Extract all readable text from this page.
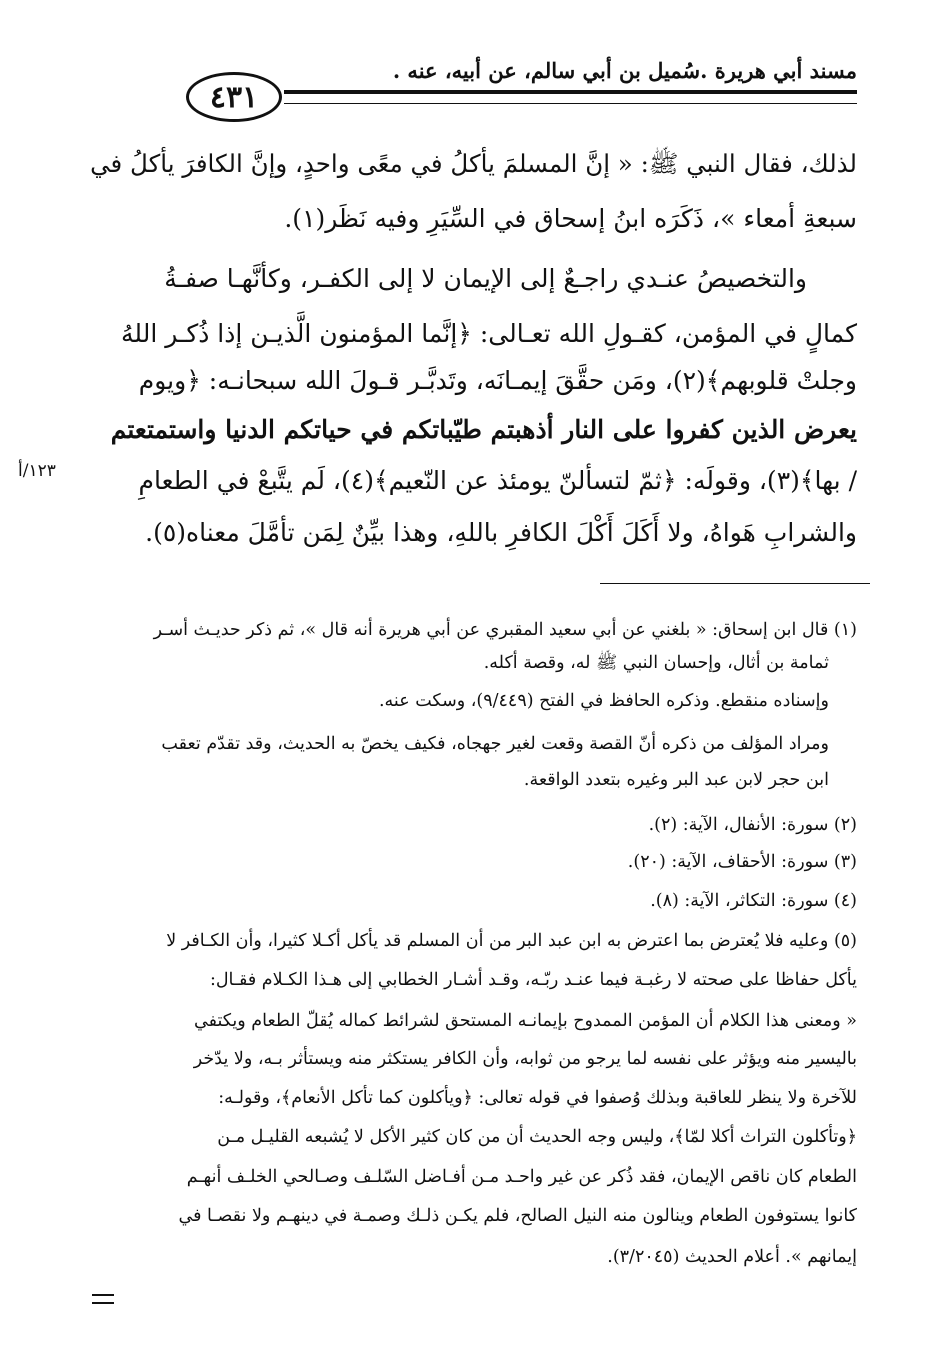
مسند أبي هريرة .سُميل بن أبي سالم، عن أبيه، عنه .
٤٣١
لذلك، فقال النبي ﷺ: « إنَّ المسلمَ يأكلُ في معًى واحدٍ، وإنَّ الكافرَ يأكلُ في
سبعةِ أمعاء »، ذَكَرَه ابنُ إسحاق في السِّيَرِ وفيه نَظَر(١).
والتخصيصُ عنـدي راجـعٌ إلى الإيمان لا إلى الكفـر، وكأنَّهـا صفـةُ
كمالٍ في المؤمن، كقـولِ الله تعـالى: ﴿إنَّما المؤمنون الَّذيـن إذا ذُكـر اللهُ
وجلتْ قلوبهم﴾(٢)، ومَن حقَّقَ إيمـانَه، وتَدبَّـر قـولَ الله سبحانـه: ﴿ويوم
يعرض الذين كفروا على النار أذهبتم طيّباتكم في حياتكم الدنيا واستمتعتم
/ بها﴾(٣)، وقولَه: ﴿ثمّ لتسألنّ يومئذ عن النّعيم﴾(٤)، لَم يتَّبعْ في الطعامِ
والشرابِ هَواهُ، ولا أَكَلَ أَكْلَ الكافرِ باللهِ، وهذا بيِّنٌ لِمَن تأمَّلَ معناه(٥).
١٢٣/أ
(١) قال ابن إسحاق: « بلغني عن أبي سعيد المقبري عن أبي هريرة أنه قال »، ثم ذكر حديـث أسـر
ثمامة بن أثال، وإحسان النبي ﷺ له، وقصة أكله.
وإسناده منقطع. وذكره الحافظ في الفتح (٩/٤٤٩)، وسكت عنه.
ومراد المؤلف من ذكره أنّ القصة وقعت لغير جهجاه، فكيف يخصّ به الحديث، وقد تقدّم تعقب
ابن حجر لابن عبد البر وغيره بتعدد الواقعة.
(٢) سورة: الأنفال، الآية: (٢).
(٣) سورة: الأحقاف، الآية: (٢٠).
(٤) سورة: التكاثر، الآية: (٨).
(٥) وعليه فلا يُعترض بما اعترض به ابن عبد البر من أن المسلم قد يأكل أكـلا كثيرا، وأن الكـافر لا
يأكل حفاظا على صحته لا رغبـة فيما عنـد ربّـه، وقـد أشـار الخطابي إلى هـذا الكـلام فقـال:
« ومعنى هذا الكلام أن المؤمن الممدوح بإيمانـه المستحق لشرائط كماله يُقلّ الطعام ويكتفي
باليسير منه ويؤثر على نفسه لما يرجو من ثوابه، وأن الكافر يستكثر منه ويستأثر بـه، ولا يدّخر
للآخرة ولا ينظر للعاقبة وبذلك وُصفوا في قوله تعالى: ﴿ويأكلون كما تأكل الأنعام﴾، وقولـه:
﴿وتأكلون التراث أكلا لمّا﴾، وليس وجه الحديث أن من كان كثير الأكل لا يُشبعه القليـل مـن
الطعام كان ناقص الإيمان، فقد ذُكر عن غير واحـد مـن أفـاضل السّلـف وصـالحي الخلـف أنهـم
كانوا يستوفون الطعام وينالون منه النيل الصالح، فلم يكـن ذلـك وصمـة في دينهـم ولا نقصـا في
إيمانهم ». أعلام الحديث (٣/٢٠٤٥).
